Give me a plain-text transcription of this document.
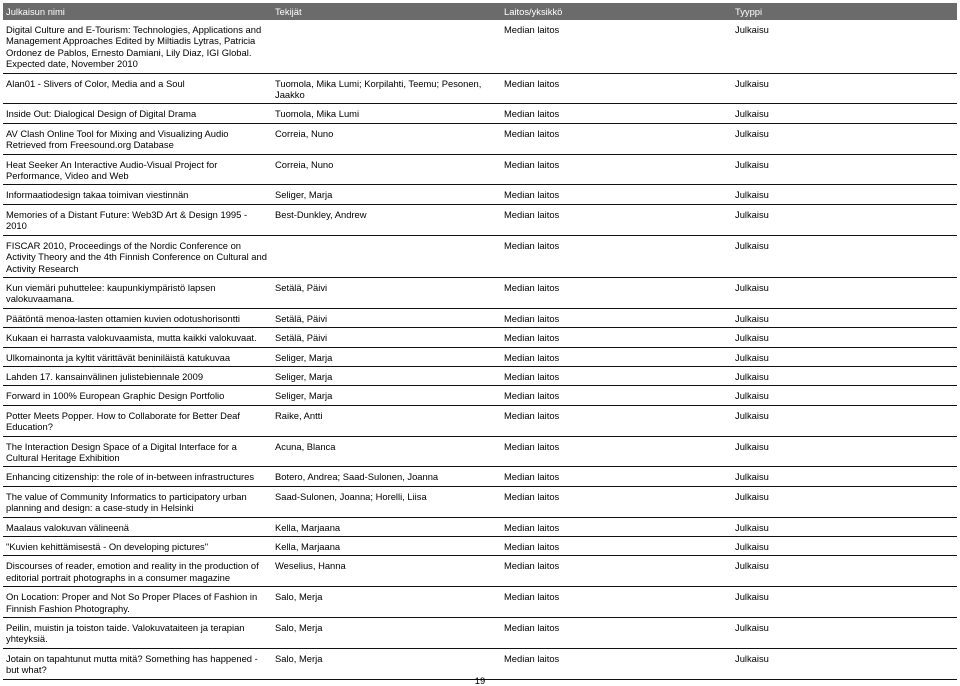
Julkaisun nimi	Tekijät	Laitos/yksikkö	Tyyppi
Digital Culture and E-Tourism: Technologies, Applications and Management Approaches Edited by Miltiadis Lytras, Patricia Ordonez de Pablos, Ernesto Damiani, Lily Diaz, IGI Global. Expected date, November 2010		Median laitos	Julkaisu
Alan01 - Slivers of Color, Media and a Soul	Tuomola, Mika Lumi; Korpilahti, Teemu; Pesonen, Jaakko	Median laitos	Julkaisu
Inside Out: Dialogical Design of Digital Drama	Tuomola, Mika Lumi	Median laitos	Julkaisu
AV Clash Online Tool for Mixing and Visualizing Audio Retrieved from Freesound.org Database	Correia, Nuno	Median laitos	Julkaisu
Heat Seeker An Interactive Audio-Visual Project for Performance, Video and Web	Correia, Nuno	Median laitos	Julkaisu
Informaatiodesign takaa toimivan viestinnän	Seliger, Marja	Median laitos	Julkaisu
Memories of a Distant Future: Web3D Art & Design 1995 - 2010	Best-Dunkley, Andrew	Median laitos	Julkaisu
FISCAR 2010, Proceedings of the Nordic Conference on Activity Theory and the 4th Finnish Conference on Cultural and Activity Research		Median laitos	Julkaisu
Kun viemäri puhuttelee: kaupunkiympäristö lapsen valokuvaamana.	Setälä, Päivi	Median laitos	Julkaisu
Päätöntä menoa-lasten ottamien kuvien odotushorisontti	Setälä, Päivi	Median laitos	Julkaisu
Kukaan ei harrasta valokuvaamista, mutta kaikki valokuvaat.	Setälä, Päivi	Median laitos	Julkaisu
Ulkomainonta ja kyltit värittävät beniniläistä katukuvaa	Seliger, Marja	Median laitos	Julkaisu
Lahden 17. kansainvälinen julistebiennale 2009	Seliger, Marja	Median laitos	Julkaisu
Forward in 100% European Graphic Design Portfolio	Seliger, Marja	Median laitos	Julkaisu
Potter Meets Popper. How to Collaborate for Better Deaf Education?	Raike, Antti	Median laitos	Julkaisu
The Interaction Design Space of a Digital Interface for a Cultural Heritage Exhibition	Acuna, Blanca	Median laitos	Julkaisu
Enhancing citizenship: the role of in-between infrastructures	Botero, Andrea; Saad-Sulonen, Joanna	Median laitos	Julkaisu
The value of Community Informatics to participatory urban planning and design: a case-study in Helsinki	Saad-Sulonen, Joanna; Horelli, Liisa	Median laitos	Julkaisu
Maalaus valokuvan välineenä	Kella, Marjaana	Median laitos	Julkaisu
"Kuvien kehittämisestä - On developing pictures"	Kella, Marjaana	Median laitos	Julkaisu
Discourses of reader, emotion and reality in the production of editorial portrait photographs in a consumer magazine	Weselius, Hanna	Median laitos	Julkaisu
On Location: Proper and Not So Proper Places of Fashion in Finnish Fashion Photography.	Salo, Merja	Median laitos	Julkaisu
Peilin, muistin ja toiston taide. Valokuvataiteen ja terapian yhteyksiä.	Salo, Merja	Median laitos	Julkaisu
Jotain on tapahtunut mutta mitä? Something has happened - but what?	Salo, Merja	Median laitos	Julkaisu
19
